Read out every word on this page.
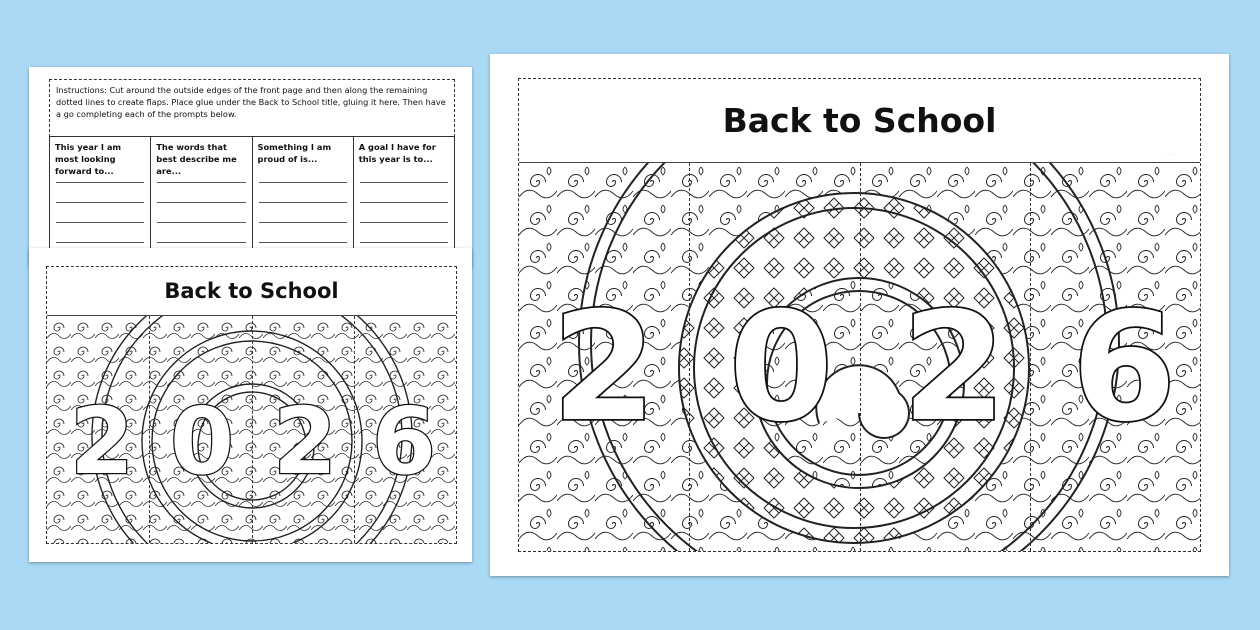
Instructions: Cut around the outside edges of the front page and then along the remaining dotted lines to create flaps. Place glue under the Back to School title, gluing it here. Then have a go completing each of the prompts below.
This year I am most looking forward to...
The words that best describe me are...
Something I am proud of is...
A goal I have for this year is to...
Back to School
2 0 2 6
Back to School
· · ·
2 0 2 6
